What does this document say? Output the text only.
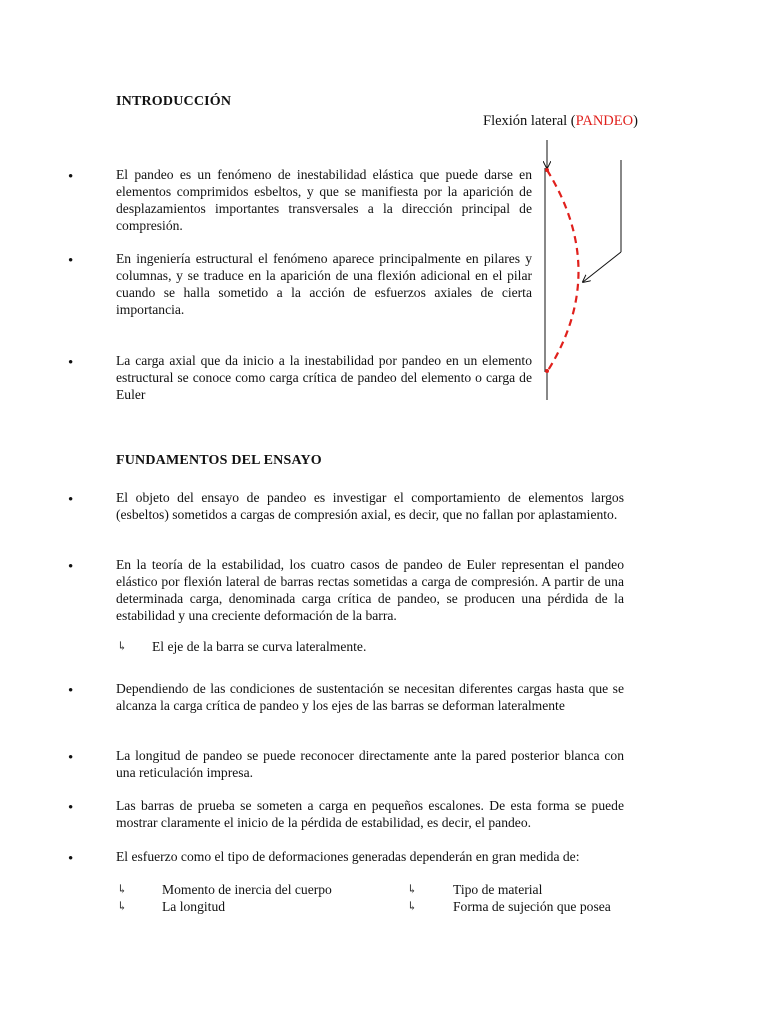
INTRODUCCIÓN
Flexión lateral (PANDEO)
•	El pandeo es un fenómeno de inestabilidad elástica que puede darse en elementos comprimidos esbeltos, y que se manifiesta por la aparición de desplazamientos importantes transversales a la dirección principal de compresión.
•	En ingeniería estructural el fenómeno aparece principalmente en pilares y columnas, y se traduce en la aparición de una flexión adicional en el pilar cuando se halla sometido a la acción de esfuerzos axiales de cierta importancia.
•	La carga axial que da inicio a la inestabilidad por pandeo en un elemento estructural se conoce como carga crítica de pandeo del elemento o carga de Euler
FUNDAMENTOS DEL ENSAYO
•	El objeto del ensayo de pandeo es investigar el comportamiento de elementos largos (esbeltos) sometidos a cargas de compresión axial, es decir, que no fallan por aplastamiento.
•	En la teoría de la estabilidad, los cuatro casos de pandeo de Euler representan el pandeo elástico por flexión lateral de barras rectas sometidas a carga de compresión. A partir de una determinada carga, denominada carga crítica de pandeo, se producen una pérdida de la estabilidad y una creciente deformación de la barra.
↳ El eje de la barra se curva lateralmente.
•	Dependiendo de las condiciones de sustentación se necesitan diferentes cargas hasta que se alcanza la carga crítica de pandeo y los ejes de las barras se deforman lateralmente
•	La longitud de pandeo se puede reconocer directamente ante la pared posterior blanca con una reticulación impresa.
•	Las barras de prueba se someten a carga en pequeños escalones. De esta forma se puede mostrar claramente el inicio de la pérdida de estabilidad, es decir, el pandeo.
•	El esfuerzo como el tipo de deformaciones generadas dependerán en gran medida de:
↳	Momento de inercia del cuerpo	↳	Tipo de material
↳	La longitud	↳	Forma de sujeción que posea
